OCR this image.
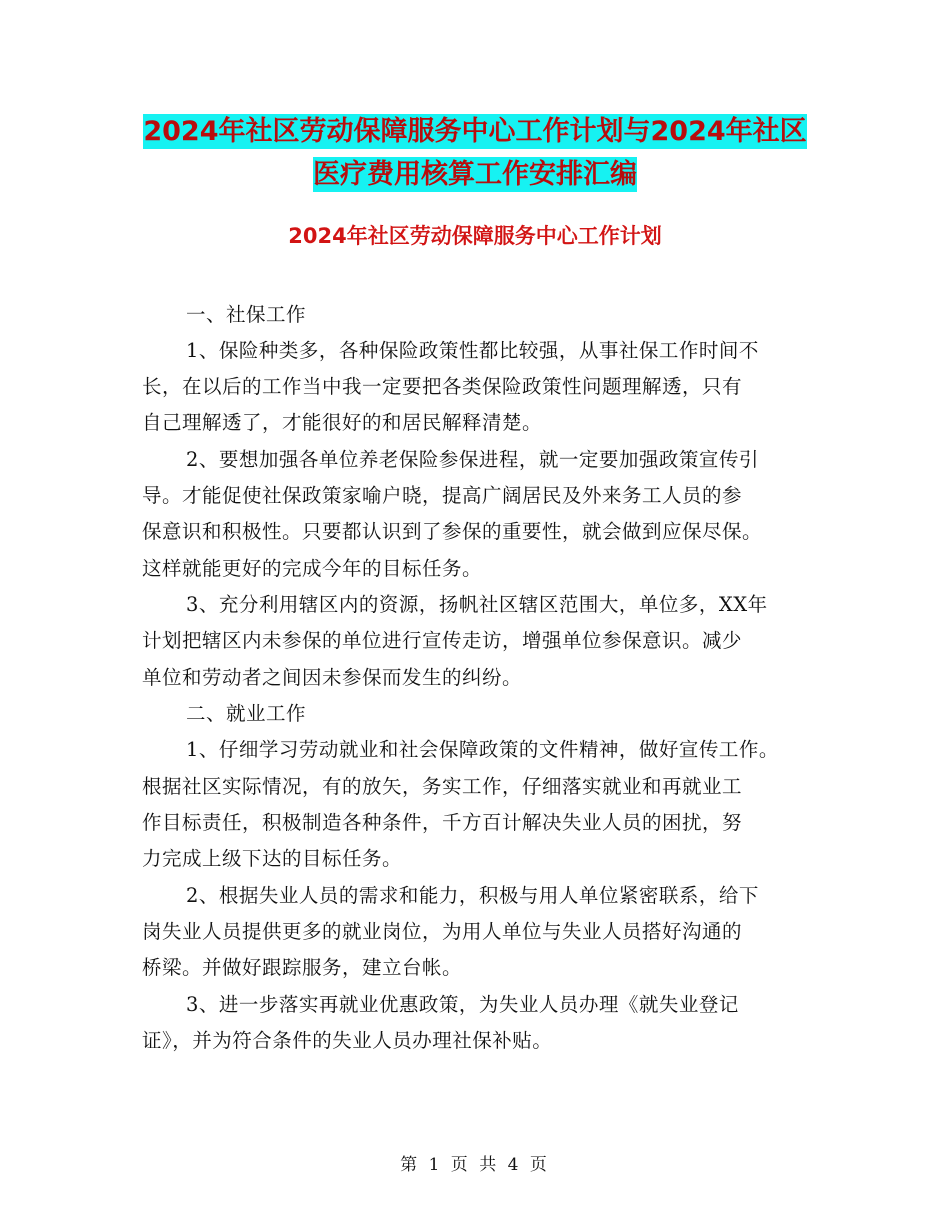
2024年社区劳动保障服务中心工作计划与2024年社区
医疗费用核算工作安排汇编
2024年社区劳动保障服务中心工作计划
一、社保工作
1、保险种类多，各种保险政策性都比较强，从事社保工作时间不
长，在以后的工作当中我一定要把各类保险政策性问题理解透，只有
自己理解透了，才能很好的和居民解释清楚。
2、要想加强各单位养老保险参保进程，就一定要加强政策宣传引
导。才能促使社保政策家喻户晓，提高广阔居民及外来务工人员的参
保意识和积极性。只要都认识到了参保的重要性，就会做到应保尽保。
这样就能更好的完成今年的目标任务。
3、充分利用辖区内的资源，扬帆社区辖区范围大，单位多，XX年
计划把辖区内未参保的单位进行宣传走访，增强单位参保意识。减少
单位和劳动者之间因未参保而发生的纠纷。
二、就业工作
1、仔细学习劳动就业和社会保障政策的文件精神，做好宣传工作。
根据社区实际情况，有的放矢，务实工作，仔细落实就业和再就业工
作目标责任，积极制造各种条件，千方百计解决失业人员的困扰，努
力完成上级下达的目标任务。
2、根据失业人员的需求和能力，积极与用人单位紧密联系，给下
岗失业人员提供更多的就业岗位，为用人单位与失业人员搭好沟通的
桥梁。并做好跟踪服务，建立台帐。
3、进一步落实再就业优惠政策，为失业人员办理《就失业登记
证》，并为符合条件的失业人员办理社保补贴。
第 1 页 共 4 页
